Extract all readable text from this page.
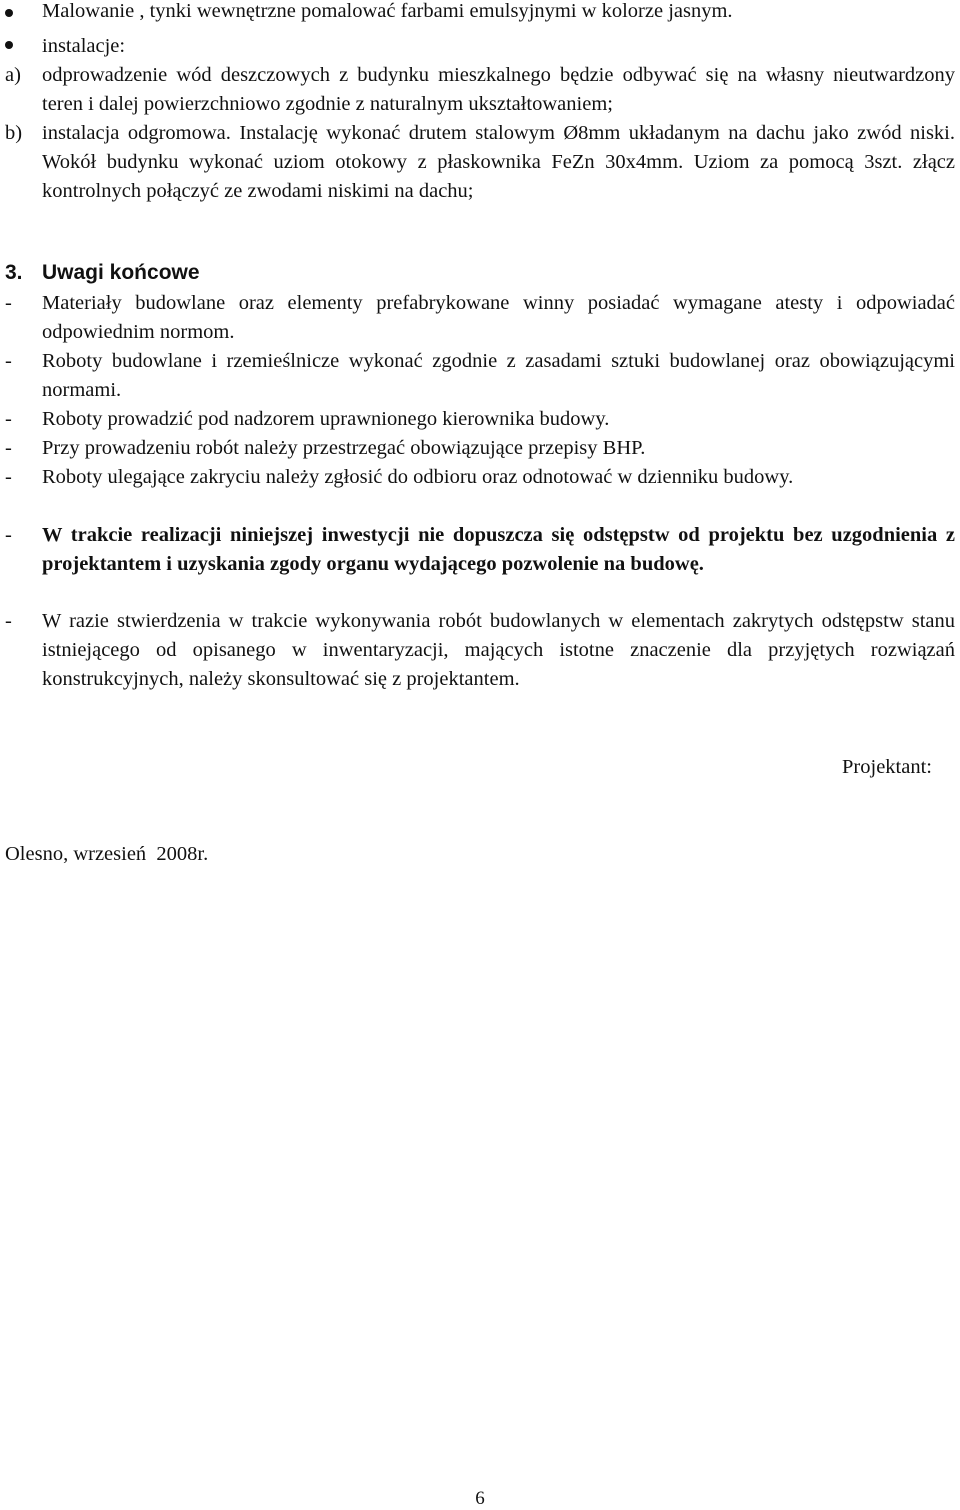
Malowanie , tynki wewnętrzne pomalować farbami emulsyjnymi w kolorze jasnym.
instalacje:
a) odprowadzenie wód deszczowych z budynku mieszkalnego będzie odbywać się na własny nieutwardzony teren i dalej powierzchniowo zgodnie z naturalnym ukształtowaniem;
b) instalacja odgromowa. Instalację wykonać drutem stalowym Ø8mm układanym na dachu jako zwód niski. Wokół budynku wykonać uziom otokowy z płaskownika FeZn 30x4mm. Uziom za pomocą 3szt. złącz kontrolnych połączyć ze zwodami niskimi na dachu;
3. Uwagi końcowe
- Materiały budowlane oraz elementy prefabrykowane winny posiadać wymagane atesty i odpowiadać odpowiednim normom.
- Roboty budowlane i rzemieślnicze wykonać zgodnie z zasadami sztuki budowlanej oraz obowiązującymi normami.
- Roboty prowadzić pod nadzorem uprawnionego kierownika budowy.
- Przy prowadzeniu robót należy przestrzegać obowiązujące przepisy BHP.
- Roboty ulegające zakryciu należy zgłosić do odbioru oraz odnotować w dzienniku budowy.
- W trakcie realizacji niniejszej inwestycji nie dopuszcza się odstępstw od projektu bez uzgodnienia z projektantem i uzyskania zgody organu wydającego pozwolenie na budowę.
- W razie stwierdzenia w trakcie wykonywania robót budowlanych w elementach zakrytych odstępstw stanu istniejącego od opisanego w inwentaryzacji, mających istotne znaczenie dla przyjętych rozwiązań konstrukcyjnych, należy skonsultować się z projektantem.
Projektant:
Olesno, wrzesień  2008r.
6
